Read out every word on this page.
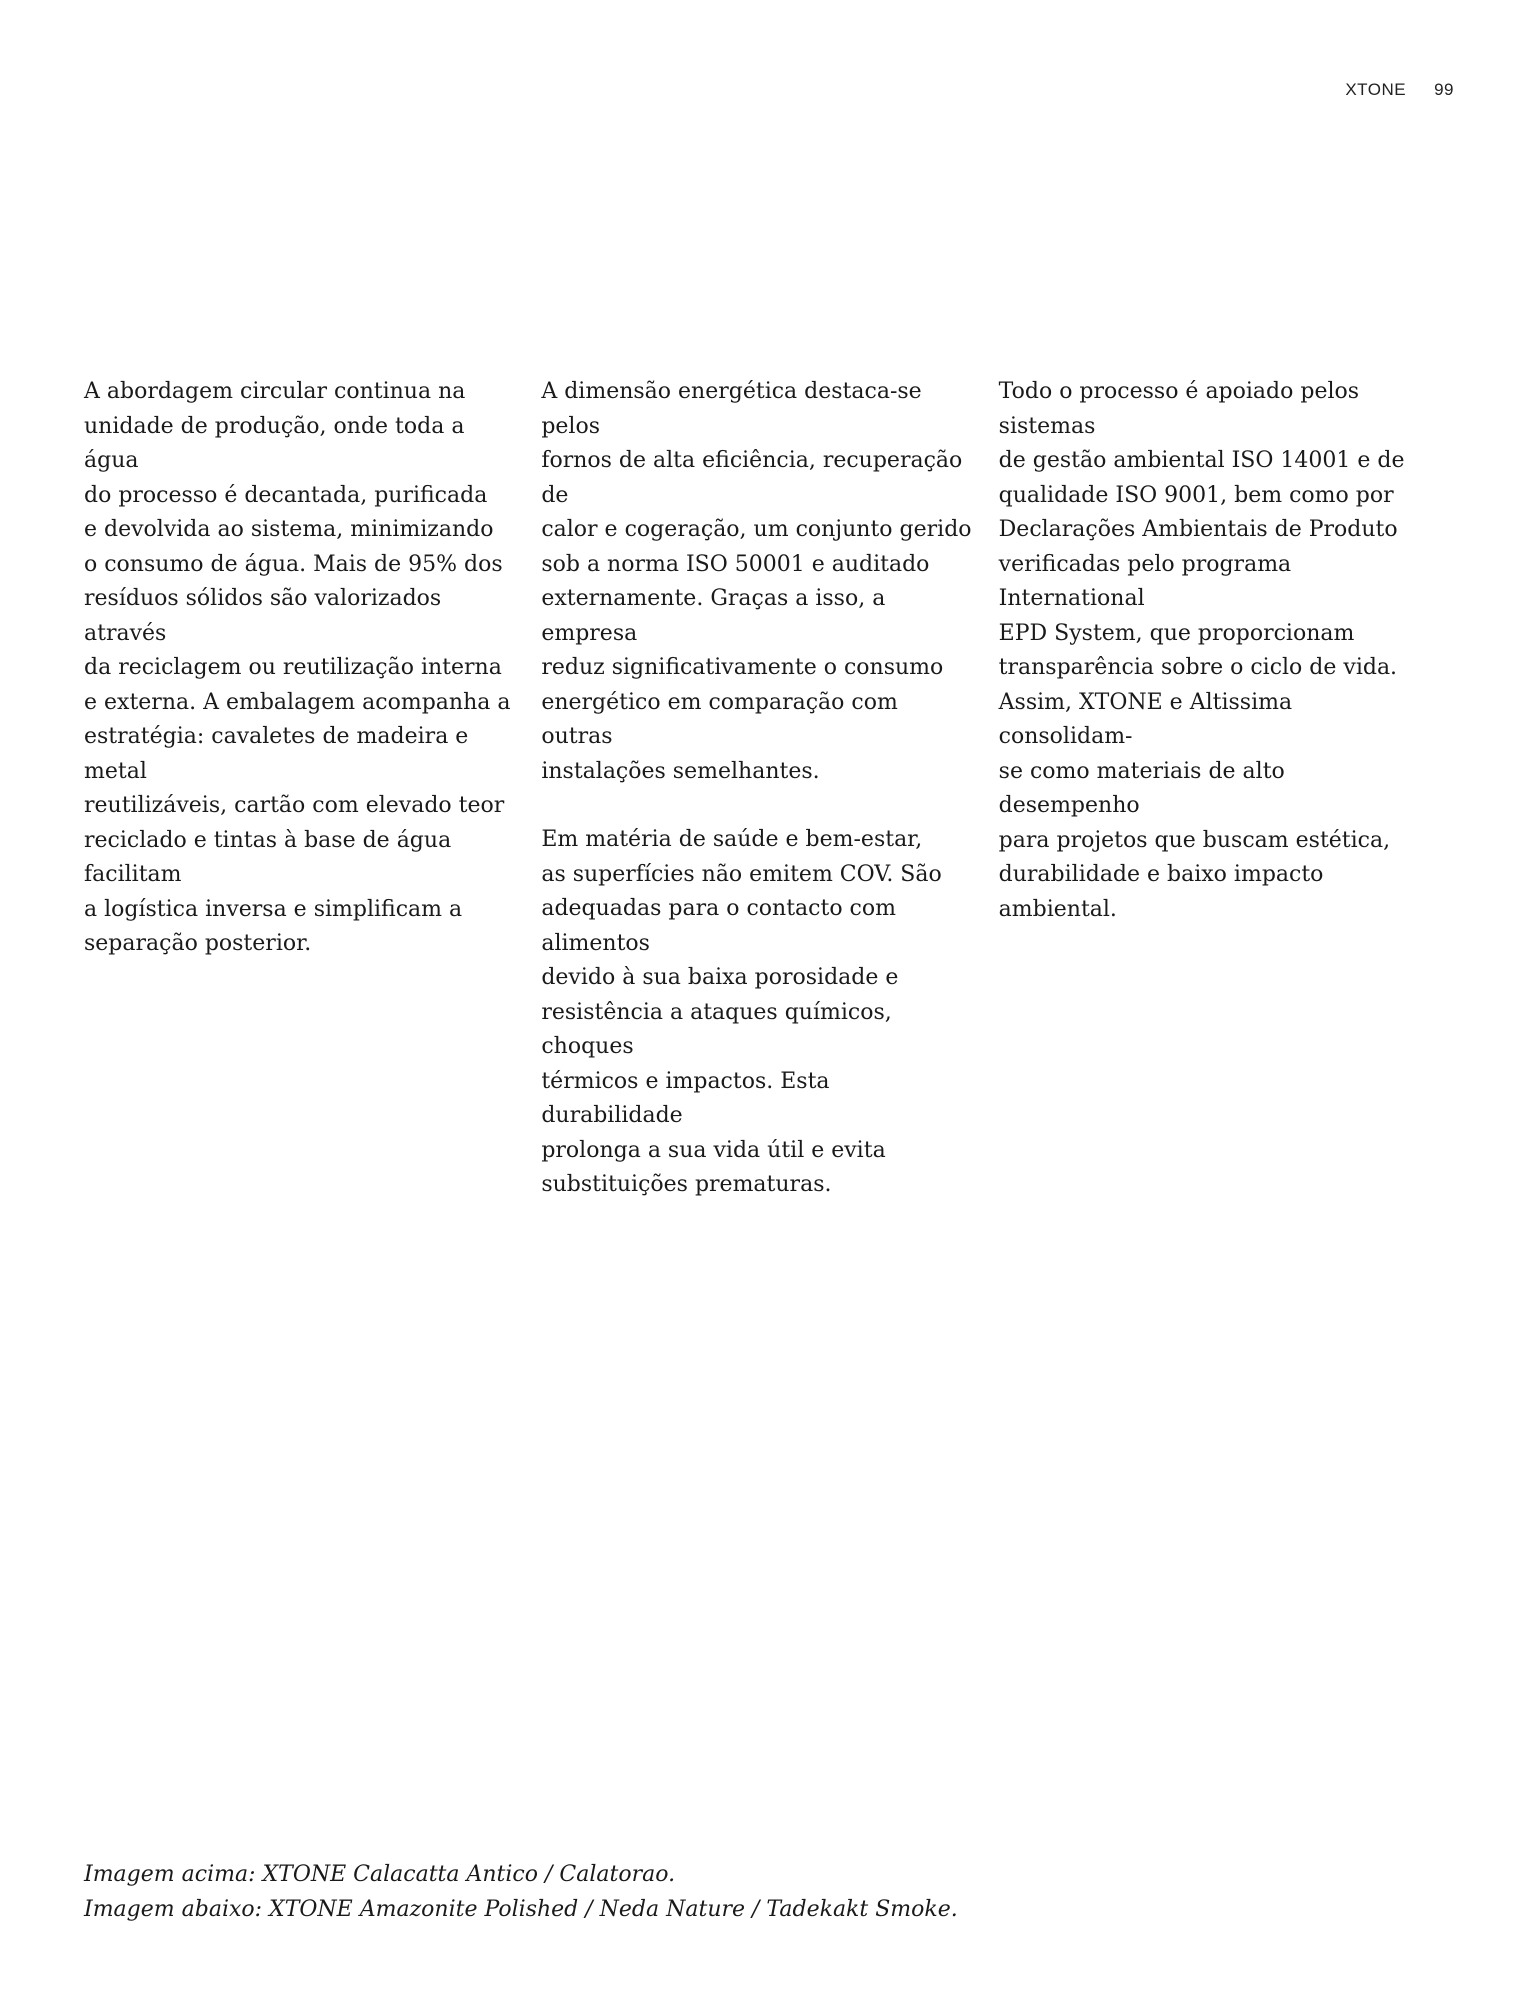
XTONE 99

A abordagem circular continua na
unidade de produção, onde toda a água
do processo é decantada, purificada
e devolvida ao sistema, minimizando
o consumo de água. Mais de 95% dos
resíduos sólidos são valorizados através
da reciclagem ou reutilização interna
e externa. A embalagem acompanha a
estratégia: cavaletes de madeira e metal
reutilizáveis, cartão com elevado teor
reciclado e tintas à base de água facilitam
a logística inversa e simplificam a
separação posterior.

A dimensão energética destaca-se pelos
fornos de alta eficiência, recuperação de
calor e cogeração, um conjunto gerido
sob a norma ISO 50001 e auditado
externamente. Graças a isso, a empresa
reduz significativamente o consumo
energético em comparação com outras
instalações semelhantes.

Em matéria de saúde e bem-estar,
as superfícies não emitem COV. São
adequadas para o contacto com alimentos
devido à sua baixa porosidade e
resistência a ataques químicos, choques
térmicos e impactos. Esta durabilidade
prolonga a sua vida útil e evita
substituições prematuras.

Todo o processo é apoiado pelos sistemas
de gestão ambiental ISO 14001 e de
qualidade ISO 9001, bem como por
Declarações Ambientais de Produto
verificadas pelo programa International
EPD System, que proporcionam
transparência sobre o ciclo de vida.
Assim, XTONE e Altissima consolidam-
se como materiais de alto desempenho
para projetos que buscam estética,
durabilidade e baixo impacto ambiental.

Imagem acima: XTONE Calacatta Antico / Calatorao.
Imagem abaixo: XTONE Amazonite Polished / Neda Nature / Tadekakt Smoke.
